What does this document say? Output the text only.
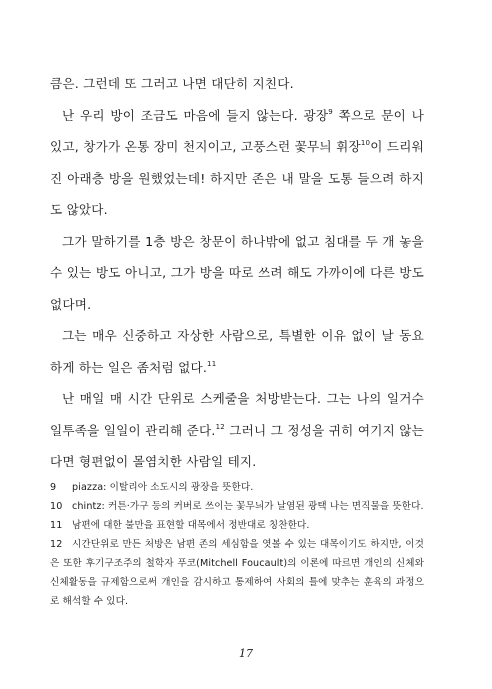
큼은. 그런데 또 그러고 나면 대단히 지친다.

난 우리 방이 조금도 마음에 들지 않는다. 광장$^9$ 쪽으로 문이 나 있고, 창가가 온통 장미 천지이고, 고풍스런 꽃무늬 휘장$^{10}$이 드리워진 아래층 방을 원했었는데! 하지만 존은 내 말을 도통 들으려 하지도 않았다.

그가 말하기를 1층 방은 창문이 하나밖에 없고 침대를 두 개 놓을 수 있는 방도 아니고, 그가 방을 따로 쓰려 해도 가까이에 다른 방도 없다며.

그는 매우 신중하고 자상한 사람으로, 특별한 이유 없이 날 동요하게 하는 일은 좀처럼 없다.$^{11}$

난 매일 매 시간 단위로 스케줄을 처방받는다. 그는 나의 일거수일투족을 일일이 관리해 준다.$^{12}$ 그러니 그 정성을 귀히 여기지 않는다면 형편없이 몰염치한 사람일 테지.

9 piazza: 이탈리아 소도시의 광장을 뜻한다.

10 chintz: 커튼·가구 등의 커버로 쓰이는 꽃무늬가 날염된 광택 나는 면직물을 뜻한다.

11 남편에 대한 불만을 표현할 대목에서 정반대로 칭찬한다.

12 시간단위로 만든 처방은 남편 존의 세심함을 엿볼 수 있는 대목이기도 하지만, 이것은 또한 후기구조주의 철학자 푸코(Mitchell Foucault)의 이론에 따르면 개인의 신체와 신체활동을 규제함으로써 개인을 감시하고 통제하여 사회의 틀에 맞추는 훈육의 과정으로 해석할 수 있다.

17
